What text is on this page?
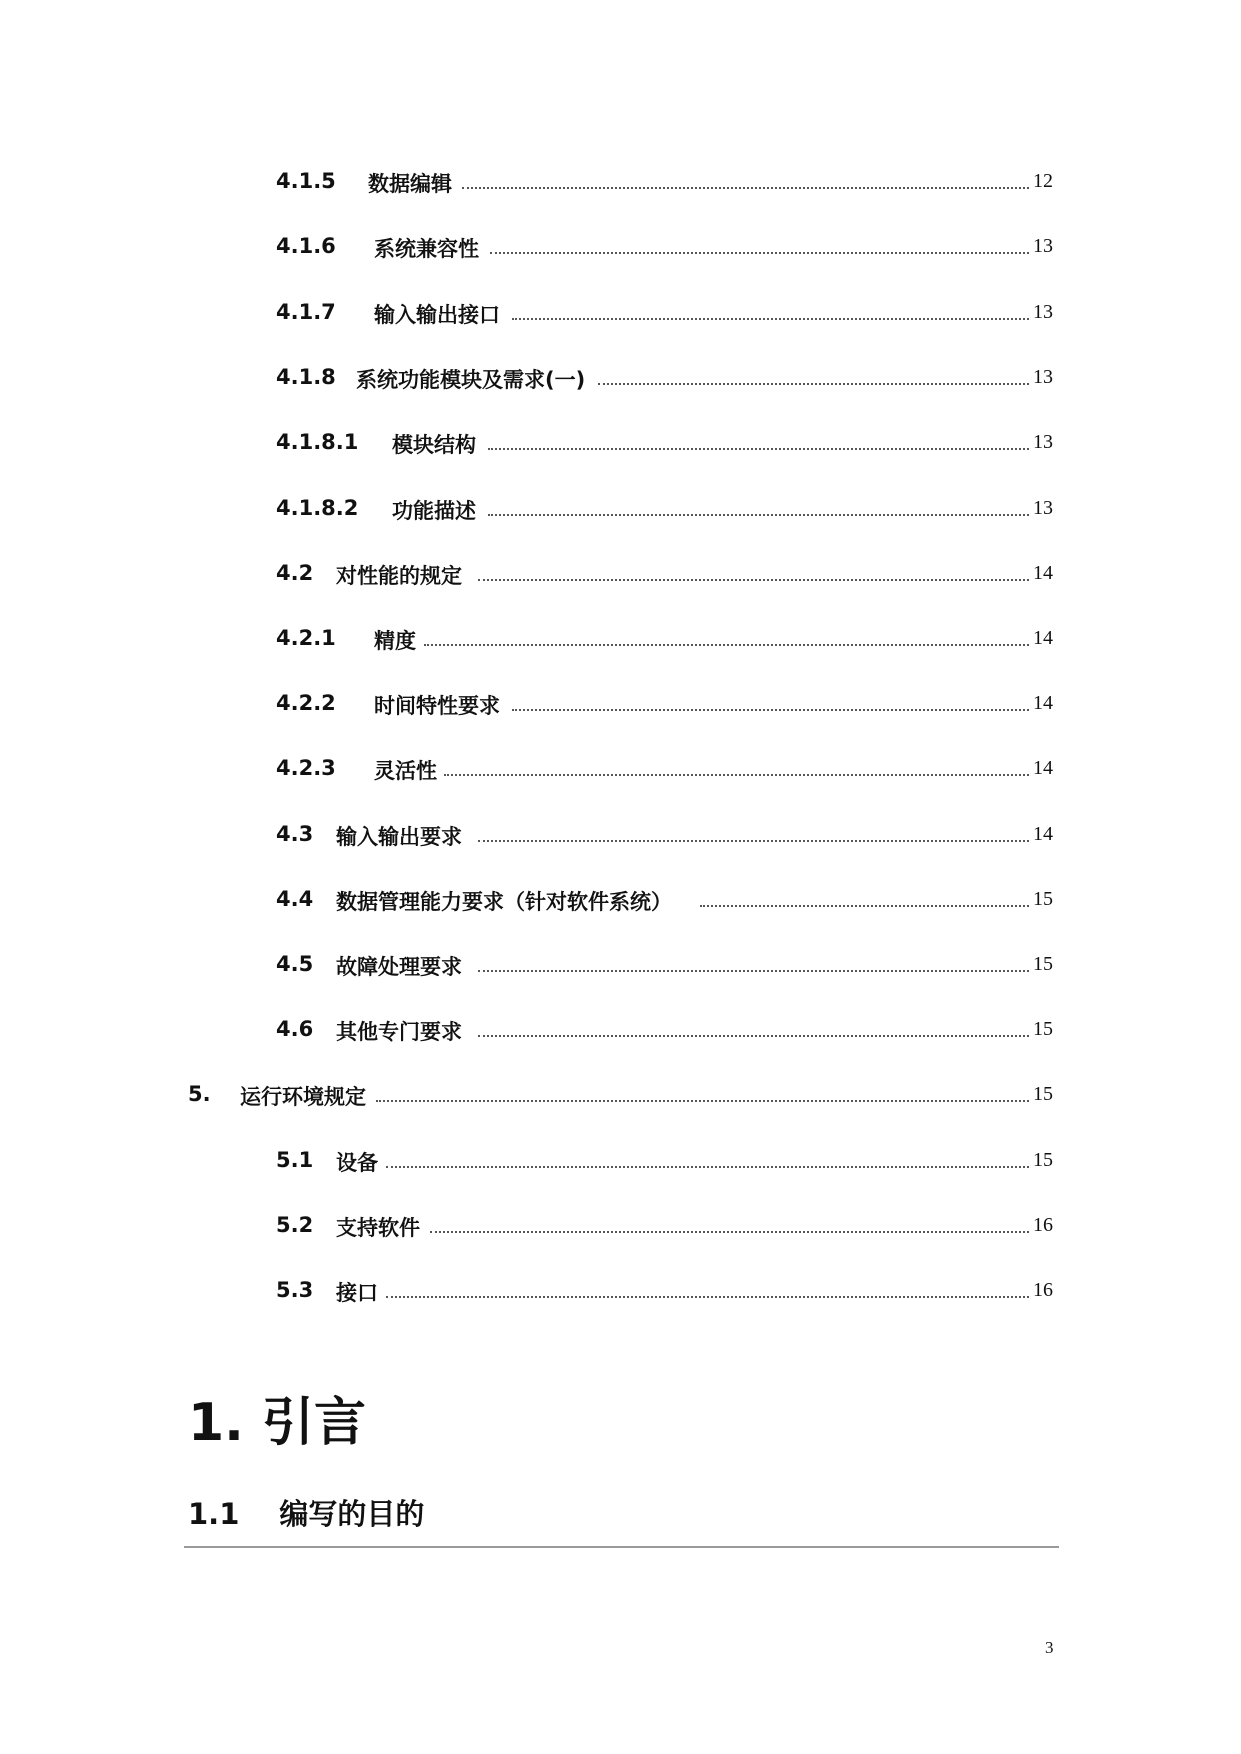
4.1.5 数据编辑	12
4.1.6 系统兼容性	13
4.1.7 输入输出接口	13
4.1.8 系统功能模块及需求(一)	13
4.1.8.1 模块结构	13
4.1.8.2 功能描述	13
4.2 对性能的规定	14
4.2.1 精度	14
4.2.2 时间特性要求	14
4.2.3 灵活性	14
4.3 输入输出要求	14
4.4 数据管理能力要求（针对软件系统）	15
4.5 故障处理要求	15
4.6 其他专门要求	15
5. 运行环境规定	15
5.1 设备	15
5.2 支持软件	16
5.3 接口	16
1. 引言
1.1 编写的目的
3
